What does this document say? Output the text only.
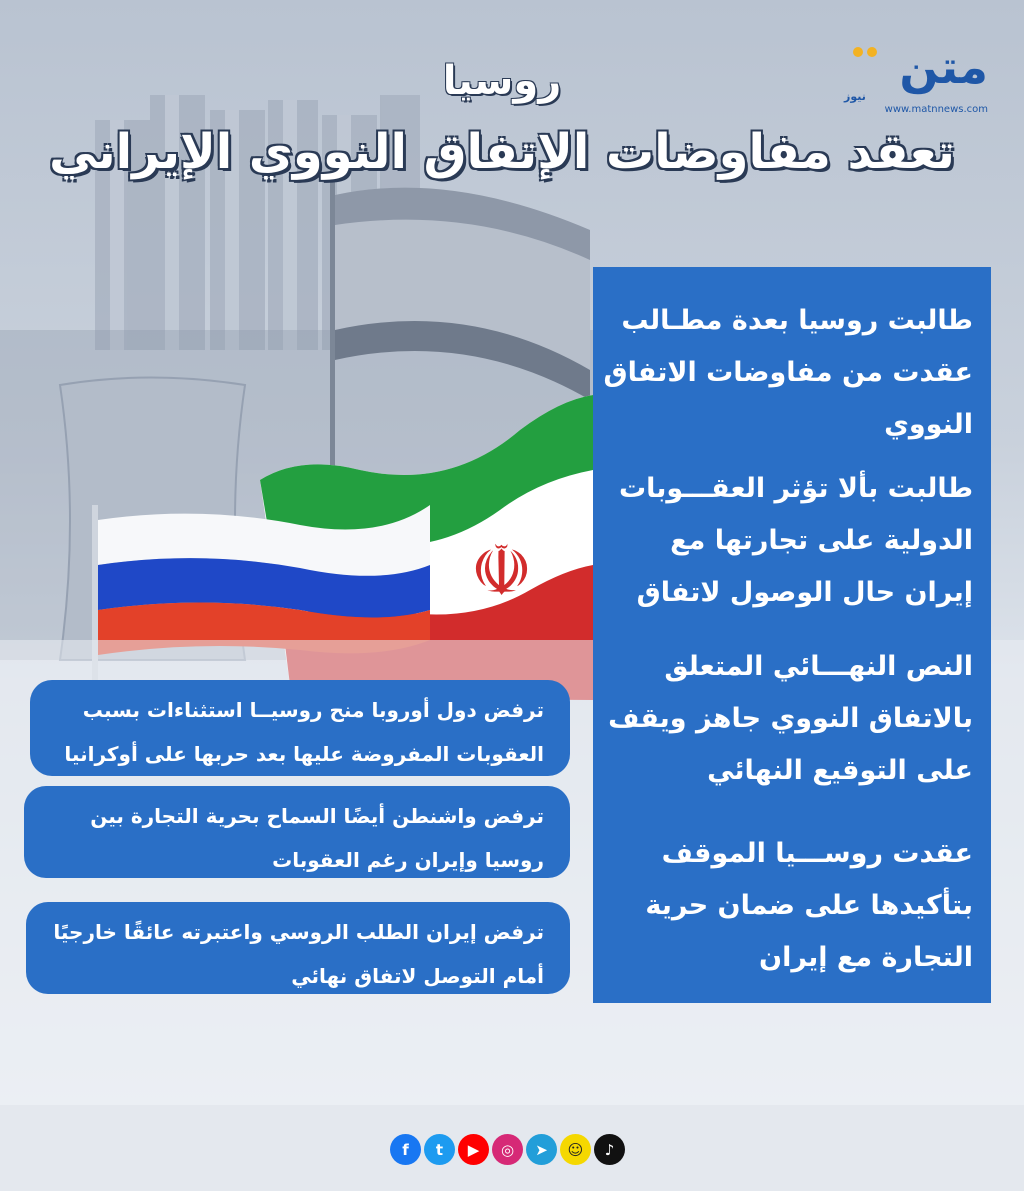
☫
متن
نيوز
www.matnnews.com
روسيا
تعقد مفاوضات الإتفاق النووي الإيراني
طالبت روسيا بعدة مطـالب
عقدت من مفاوضات الاتفاق النووي
طالبت بألا تؤثر العقـــوبات
الدولية على تجارتها مع إيران حال الوصول لاتفاق
النص النهـــائي المتعلق
بالاتفاق النووي جاهز ويقف على التوقيع النهائي
عقدت روســـيا الموقف
بتأكيدها على ضمان حرية التجارة مع إيران
ترفض دول أوروبا منح روسيــا استثناءات بسبب العقوبات المفروضة عليها بعد حربها على أوكرانيا
ترفض واشنطن أيضًا السماح بحرية التجارة بين روسيا وإيران رغم العقوبات
ترفض إيران الطلب الروسي واعتبرته عائقًا خارجيًا أمام التوصل لاتفاق نهائي
f	t	▶	◎	➤	☺	♪
